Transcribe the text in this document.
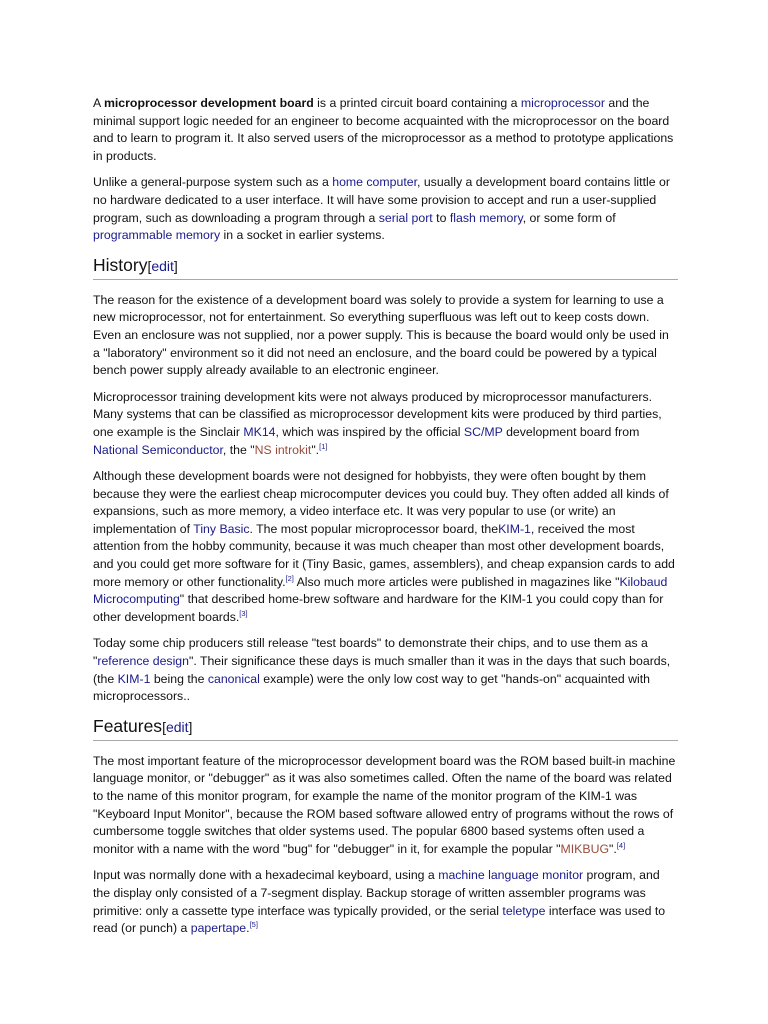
A microprocessor development board is a printed circuit board containing a microprocessor and the minimal support logic needed for an engineer to become acquainted with the microprocessor on the board and to learn to program it. It also served users of the microprocessor as a method to prototype applications in products.

Unlike a general-purpose system such as a home computer, usually a development board contains little or no hardware dedicated to a user interface. It will have some provision to accept and run a user-supplied program, such as downloading a program through a serial port to flash memory, or some form of programmable memory in a socket in earlier systems.

History[edit]

The reason for the existence of a development board was solely to provide a system for learning to use a new microprocessor, not for entertainment. So everything superfluous was left out to keep costs down. Even an enclosure was not supplied, nor a power supply. This is because the board would only be used in a "laboratory" environment so it did not need an enclosure, and the board could be powered by a typical bench power supply already available to an electronic engineer.

Microprocessor training development kits were not always produced by microprocessor manufacturers. Many systems that can be classified as microprocessor development kits were produced by third parties, one example is the Sinclair MK14, which was inspired by the official SC/MP development board from National Semiconductor, the "NS introkit".[1]

Although these development boards were not designed for hobbyists, they were often bought by them because they were the earliest cheap microcomputer devices you could buy. They often added all kinds of expansions, such as more memory, a video interface etc. It was very popular to use (or write) an implementation of Tiny Basic. The most popular microprocessor board, theKIM-1, received the most attention from the hobby community, because it was much cheaper than most other development boards, and you could get more software for it (Tiny Basic, games, assemblers), and cheap expansion cards to add more memory or other functionality.[2] Also much more articles were published in magazines like "Kilobaud Microcomputing" that described home-brew software and hardware for the KIM-1 you could copy than for other development boards.[3]

Today some chip producers still release "test boards" to demonstrate their chips, and to use them as a "reference design". Their significance these days is much smaller than it was in the days that such boards, (the KIM-1 being the canonical example) were the only low cost way to get "hands-on" acquainted with microprocessors..

Features[edit]

The most important feature of the microprocessor development board was the ROM based built-in machine language monitor, or "debugger" as it was also sometimes called. Often the name of the board was related to the name of this monitor program, for example the name of the monitor program of the KIM-1 was "Keyboard Input Monitor", because the ROM based software allowed entry of programs without the rows of cumbersome toggle switches that older systems used. The popular 6800 based systems often used a monitor with a name with the word "bug" for "debugger" in it, for example the popular "MIKBUG".[4]

Input was normally done with a hexadecimal keyboard, using a machine language monitor program, and the display only consisted of a 7-segment display. Backup storage of written assembler programs was primitive: only a cassette type interface was typically provided, or the serial teletype interface was used to read (or punch) a papertape.[5]
